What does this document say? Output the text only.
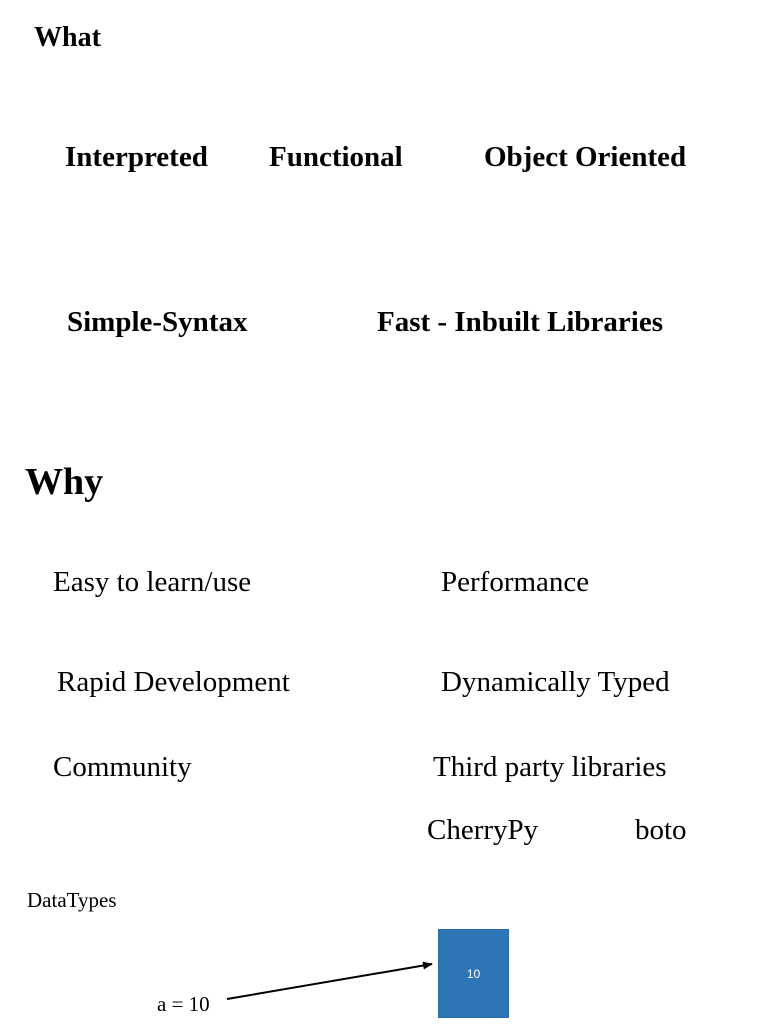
What
Interpreted Functional	Object Oriented
Simple-Syntax	Fast - Inbuilt Libraries
Why
Easy to learn/use	Performance
Rapid Development	Dynamically Typed
Community	Third party libraries
CherryPy	boto
DataTypes
a = 10
10
